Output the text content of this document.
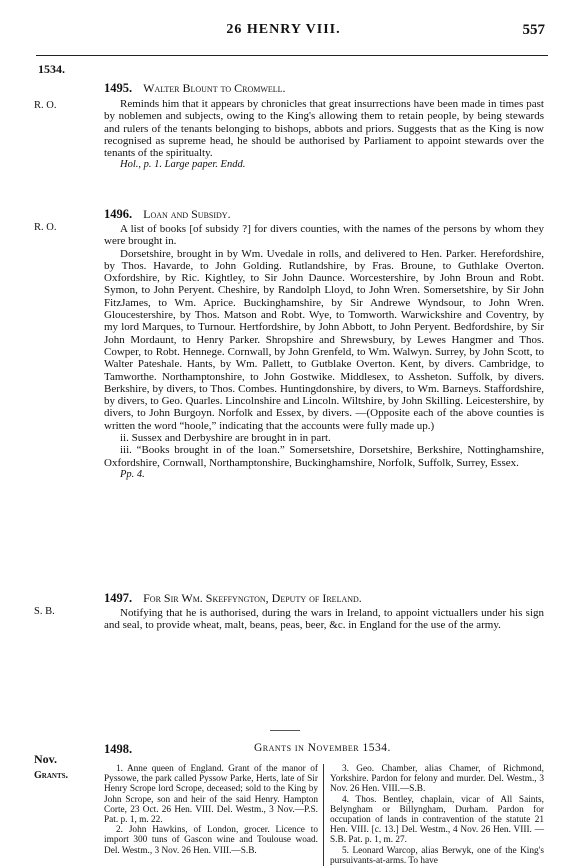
26 HENRY VIII.	557
1534.
R. O.
1495. Walter Blount to Cromwell.

Reminds him that it appears by chronicles that great insurrections have been made in times past by noblemen and subjects, owing to the King's allowing them to retain people, by being stewards and rulers of the tenants belonging to bishops, abbots and priors. Suggests that as the King is now recognised as supreme head, he should be authorised by Parliament to appoint stewards over the tenants of the spiritualty.

Hol., p. 1. Large paper. Endd.

R. O.
1496. Loan and Subsidy.

A list of books [of subsidy ?] for divers counties, with the names of the persons by whom they were brought in.

Dorsetshire, brought in by Wm. Uvedale in rolls, and delivered to Hen. Parker. Herefordshire, by Thos. Havarde, to John Golding. Rutlandshire, by Fras. Broune, to Guthlake Overton. Oxfordshire, by Ric. Kightley, to Sir John Daunce. Worcestershire, by John Broun and Robt. Symon, to John Peryent. Cheshire, by Randolph Lloyd, to John Wren. Somersetshire, by Sir John FitzJames, to Wm. Aprice. Buckinghamshire, by Sir Andrewe Wyndsour, to John Wren. Gloucestershire, by Thos. Matson and Robt. Wye, to Tomworth. Warwickshire and Coventry, by my lord Marques, to Turnour. Hertfordshire, by John Abbott, to John Peryent. Bedfordshire, by Sir John Mordaunt, to Henry Parker. Shropshire and Shrewsbury, by Lewes Hangmer and Thos. Cowper, to Robt. Hennege. Cornwall, by John Grenfeld, to Wm. Walwyn. Surrey, by John Scott, to Walter Pateshale. Hants, by Wm. Pallett, to Gutblake Overton. Kent, by divers. Cambridge, to Tamworthe. Northamptonshire, to John Gostwike. Middlesex, to Assheton. Suffolk, by divers. Berkshire, by divers, to Thos. Combes. Huntingdonshire, by divers, to Wm. Barneys. Staffordshire, by divers, to Geo. Quarles. Lincolnshire and Lincoln. Wiltshire, by John Skilling. Leicestershire, by divers, to John Burgoyn. Norfolk and Essex, by divers. —(Opposite each of the above counties is written the word “hoole,” indicating that the accounts were fully made up.)

ii. Sussex and Derbyshire are brought in in part.

iii. “Books brought in of the loan.” Somersetshire, Dorsetshire, Berkshire, Nottinghamshire, Oxfordshire, Cornwall, Northamptonshire, Buckinghamshire, Norfolk, Suffolk, Surrey, Essex.

Pp. 4.

S. B.
1497. For Sir Wm. Skeffyngton, Deputy of Ireland.

Notifying that he is authorised, during the wars in Ireland, to appoint victuallers under his sign and seal, to provide wheat, malt, beans, peas, beer, &c. in England for the use of the army.

Nov.
Grants.
1498.	Grants in November 1534.

1. Anne queen of England. Grant of the manor of Pyssowe, the park called Pyssow Parke, Herts, late of Sir Henry Scrope lord Scrope, deceased; sold to the King by John Scrope, son and heir of the said Henry. Hampton Corte, 23 Oct. 26 Hen. VIII. Del. Westm., 3 Nov.—P.S. Pat. p. 1, m. 22.

2. John Hawkins, of London, grocer. Licence to import 300 tuns of Gascon wine and Toulouse woad. Del. Westm., 3 Nov. 26 Hen. VIII.—S.B.

3. Geo. Chamber, alias Chamer, of Richmond, Yorkshire. Pardon for felony and murder. Del. Westm., 3 Nov. 26 Hen. VIII.—S.B.

4. Thos. Bentley, chaplain, vicar of All Saints, Belyngham or Billyngham, Durham. Pardon for occupation of lands in contravention of the statute 21 Hen. VIII. [c. 13.] Del. Westm., 4 Nov. 26 Hen. VIII. —S.B. Pat. p. 1, m. 27.

5. Leonard Warcop, alias Berwyk, one of the King's pursuivants-at-arms. To have
